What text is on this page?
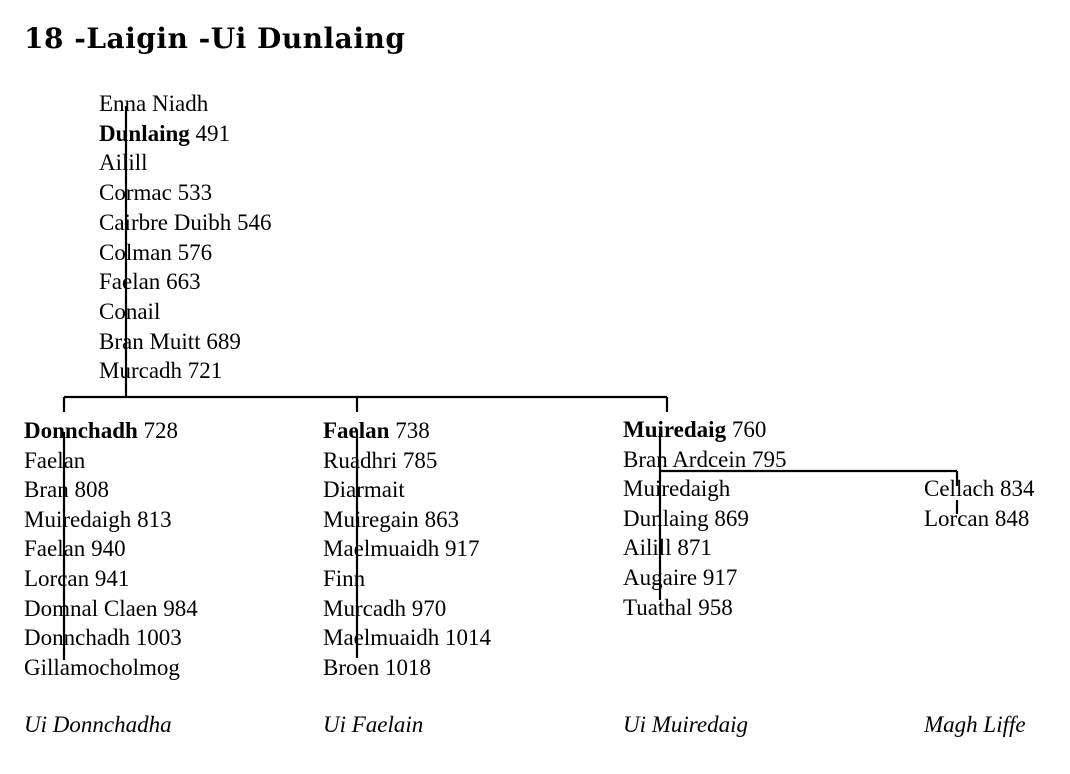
18 -Laigin -Ui Dunlaing
Enna Niadh
Dunlaing 491
Ailill
Cormac 533
Cairbre Duibh 546
Colman 576
Faelan 663
Conail
Bran Muitt 689
Murcadh 721
Donnchadh 728
Faelan
Bran 808
Muiredaigh 813
Faelan 940
Lorcan 941
Domnal Claen 984
Donnchadh 1003
Gillamocholmog
Ui Donnchadha
Faelan 738
Ruadhri 785
Diarmait
Muiregain 863
Maelmuaidh 917
Finn
Murcadh 970
Maelmuaidh 1014
Broen 1018
Ui Faelain
Muiredaig 760
Bran Ardcein 795
Muiredaigh
Dunlaing 869
Ailill 871
Augaire 917
Tuathal 958
Ui Muiredaig
Cellach 834
Lorcan 848
Magh Liffe
